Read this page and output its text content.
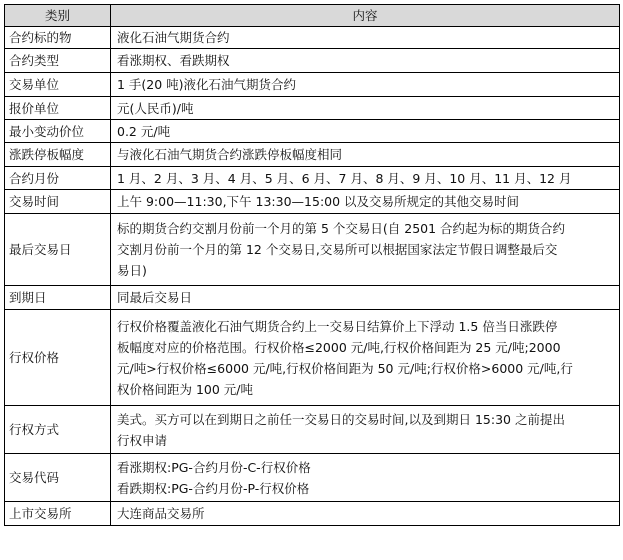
类别	内容
合约标的物	液化石油气期货合约

合约类型	看涨期权、看跌期权

交易单位	1 手(20 吨)液化石油气期货合约

报价单位	元(人民币)/吨

最小变动价位	0.2 元/吨

涨跌停板幅度	与液化石油气期货合约涨跌停板幅度相同

合约月份	1 月、2 月、3 月、4 月、5 月、6 月、7 月、8 月、9 月、10 月、11 月、12 月

交易时间	上午 9:00—11:30,下午 13:30—15:00 以及交易所规定的其他交易时间

最后交易日	标的期货合约交割月份前一个月的第 5 个交易日(自 2501 合约起为标的期货合约
交割月份前一个月的第 12 个交易日,交易所可以根据国家法定节假日调整最后交
易日)

到期日	同最后交易日

行权价格	行权价格覆盖液化石油气期货合约上一交易日结算价上下浮动 1.5 倍当日涨跌停
板幅度对应的价格范围。行权价格≤2000 元/吨,行权价格间距为 25 元/吨;2000
元/吨>行权价格≤6000 元/吨,行权价格间距为 50 元/吨;行权价格>6000 元/吨,行
权价格间距为 100 元/吨

行权方式	美式。买方可以在到期日之前任一交易日的交易时间,以及到期日 15:30 之前提出
行权申请

交易代码	看涨期权:PG-合约月份-C-行权价格
看跌期权:PG-合约月份-P-行权价格

上市交易所	大连商品交易所
